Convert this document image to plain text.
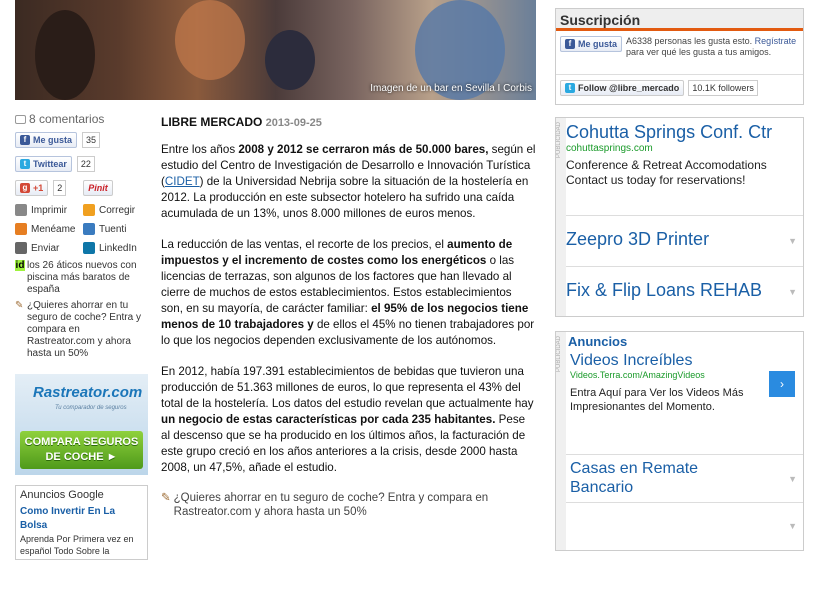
Imagen de un bar en Sevilla I Corbis
8 comentarios
f Me gusta	35
t Twittear	22
g +1	2	Pinit
Imprimir	Corregir
Menéame Tuenti
Enviar	LinkedIn
id los 26 áticos nuevos con piscina más baratos de españa
✎ ¿Quieres ahorrar en tu seguro de coche? Entra y compara en Rastreator.com y ahora hasta un 50%
Rastreator.com
Tu comparador de seguros
COMPARA SEGUROS DE COCHE ►
Anuncios Google
Como Invertir En La Bolsa
Aprenda Por Primera vez en español Todo Sobre la
LIBRE MERCADO 2013-09-25

Entre los años 2008 y 2012 se cerraron más de 50.000 bares, según el estudio del Centro de Investigación de Desarrollo e Innovación Turística (CIDET) de la Universidad Nebrija sobre la situación de la hostelería en 2012. La producción en este subsector hotelero ha sufrido una caída acumulada de un 13%, unos 8.000 millones de euros menos.

La reducción de las ventas, el recorte de los precios, el aumento de impuestos y el incremento de costes como los energéticos o las licencias de terrazas, son algunos de los factores que han llevado al cierre de muchos de estos establecimientos. Estos establecimientos son, en su mayoría, de carácter familiar: el 95% de los negocios tiene menos de 10 trabajadores y de ellos el 45% no tienen trabajadores por lo que los negocios dependen exclusivamente de los autónomos.

En 2012, había 197.391 establecimientos de bebidas que tuvieron una producción de 51.363 millones de euros, lo que representa el 43% del total de la hostelería. Los datos del estudio revelan que actualmente hay un negocio de estas características por cada 235 habitantes. Pese al descenso que se ha producido en los últimos años, la facturación de este grupo creció en los años anteriores a la crisis, desde 2000 hasta 2008, un 47,5%, añade el estudio.

✎ ¿Quieres ahorrar en tu seguro de coche? Entra y compara en Rastreator.com y ahora hasta un 50%
Suscripción
f Me gusta A6338 personas les gusta esto. Regístrate para ver qué les gusta a tus amigos.
t Follow @libre_mercado	10.1K followers
PUBLICIDAD Cohutta Springs Conf. Ctr
cohuttasprings.com
Conference & Retreat Accomodations Contact us today for reservations!
Zeepro 3D Printer	▼
Fix & Flip Loans REHAB	▼
PUBLICIDAD Anuncios
Videos Increíbles
Videos.Terra.com/AmazingVideos
Entra Aquí para Ver los Videos Más Impresionantes del Momento.
›
Casas en Remate Bancario
▼
▼
